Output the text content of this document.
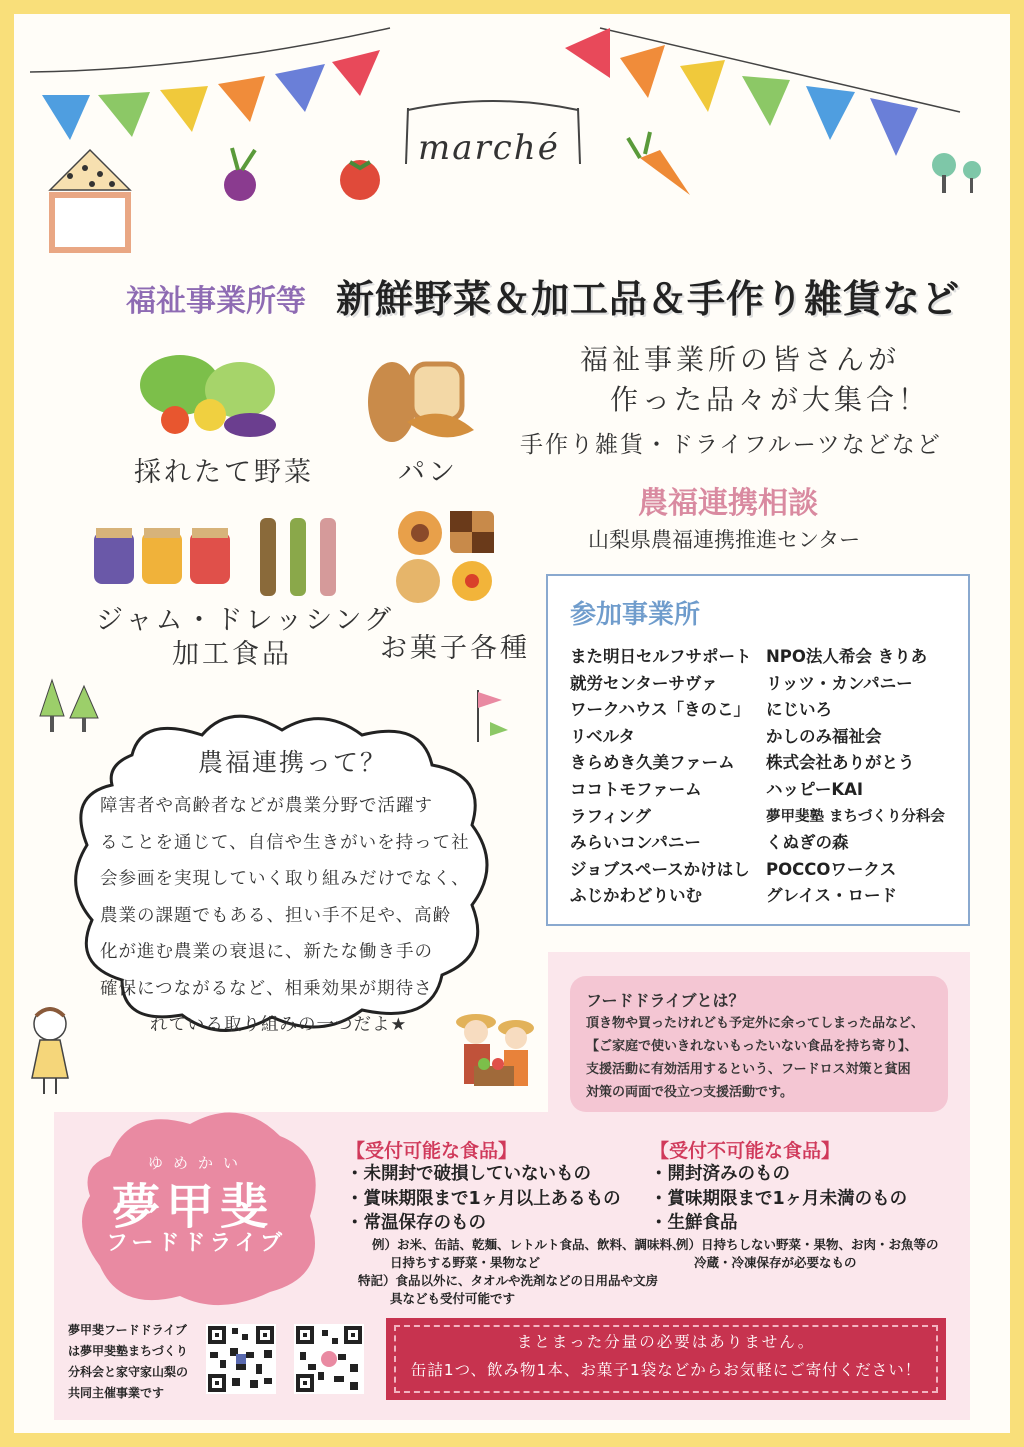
marché
福祉事業所等 新鮮野菜＆加工品＆手作り雑貨など
採れたて野菜	パン
ジャム・ドレッシング
加工食品	お菓子各種
福祉事業所の皆さんが
作った品々が大集合！
手作り雑貨・ドライフルーツなどなど
農福連携相談
山梨県農福連携推進センター
参加事業所
また明日セルフサポート
就労センターサヴァ
ワークハウス「きのこ」
リベルタ
きらめき久美ファーム
ココトモファーム
ラフィング
みらいコンパニー
ジョブスペースかけはし
ふじかわどりいむ
NPO法人希会 きりあ
リッツ・カンパニー
にじいろ
かしのみ福祉会
株式会社ありがとう
ハッピーKAI
夢甲斐塾 まちづくり分科会
くぬぎの森
POCCOワークス
グレイス・ロード
農福連携って？
障害者や高齢者などが農業分野で活躍す
ることを通じて、自信や生きがいを持って社
会参画を実現していく取り組みだけでなく、
農業の課題でもある、担い手不足や、高齢
化が進む農業の衰退に、新たな働き手の
確保につながるなど、相乗効果が期待さ
れている取り組みの一つだよ★
フードドライブとは？
頂き物や買ったけれども予定外に余ってしまった品など、
【ご家庭で使いきれないもったいない食品を持ち寄り】、
支援活動に有効活用するという、フードロス対策と貧困
対策の両面で役立つ支援活動です。
ゆめかい
夢甲斐
フードドライブ
【受付可能な食品】
・未開封で破損していないもの
・賞味期限まで1ヶ月以上あるもの
・常温保存のもの
例）お米、缶詰、乾麺、レトルト食品、飲料、調味料、
日持ちする野菜・果物など
特記）食品以外に、タオルや洗剤などの日用品や文房
具なども受付可能です
【受付不可能な食品】
・開封済みのもの
・賞味期限まで1ヶ月未満のもの
・生鮮食品
例）日持ちしない野菜・果物、お肉・お魚等の
冷蔵・冷凍保存が必要なもの
夢甲斐フードドライブ
は夢甲斐塾まちづくり
分科会と家守家山梨の
共同主催事業です
まとまった分量の必要はありません。
缶詰1つ、飲み物1本、お菓子1袋などからお気軽にご寄付ください！
